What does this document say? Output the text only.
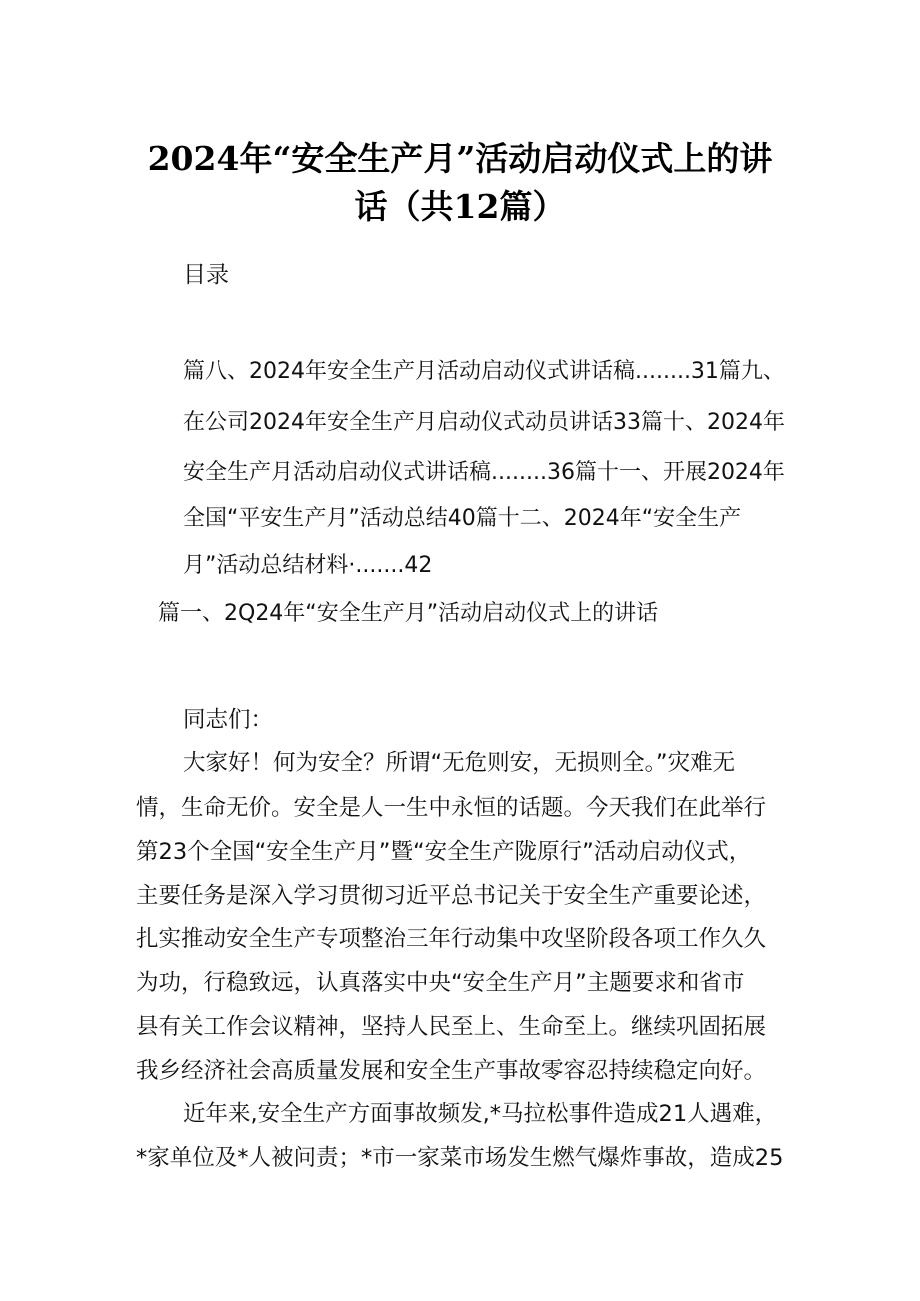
2024年“安全生产月”活动启动仪式上的讲
话（共12篇）
目录
篇八、2024年安全生产月活动启动仪式讲话稿........31篇九、
在公司2024年安全生产月启动仪式动员讲话33篇十、2024年
安全生产月活动启动仪式讲话稿........36篇十一、开展2024年
全国“平安生产月”活动总结40篇十二、2024年“安全生产
月”活动总结材料·.......42
篇一、2Q24年“安全生产月”活动启动仪式上的讲话
同志们：
大家好！何为安全？所谓“无危则安，无损则全。”灾难无
情，生命无价。安全是人一生中永恒的话题。今天我们在此举行
第23个全国“安全生产月”暨“安全生产陇原行”活动启动仪式，
主要任务是深入学习贯彻习近平总书记关于安全生产重要论述，
扎实推动安全生产专项整治三年行动集中攻坚阶段各项工作久久
为功，行稳致远，认真落实中央“安全生产月”主题要求和省市
县有关工作会议精神，坚持人民至上、生命至上。继续巩固拓展
我乡经济社会高质量发展和安全生产事故零容忍持续稳定向好。
近年来,安全生产方面事故频发,*马拉松事件造成21人遇难，
*家单位及*人被问责；*市一家菜市场发生燃气爆炸事故，造成25
